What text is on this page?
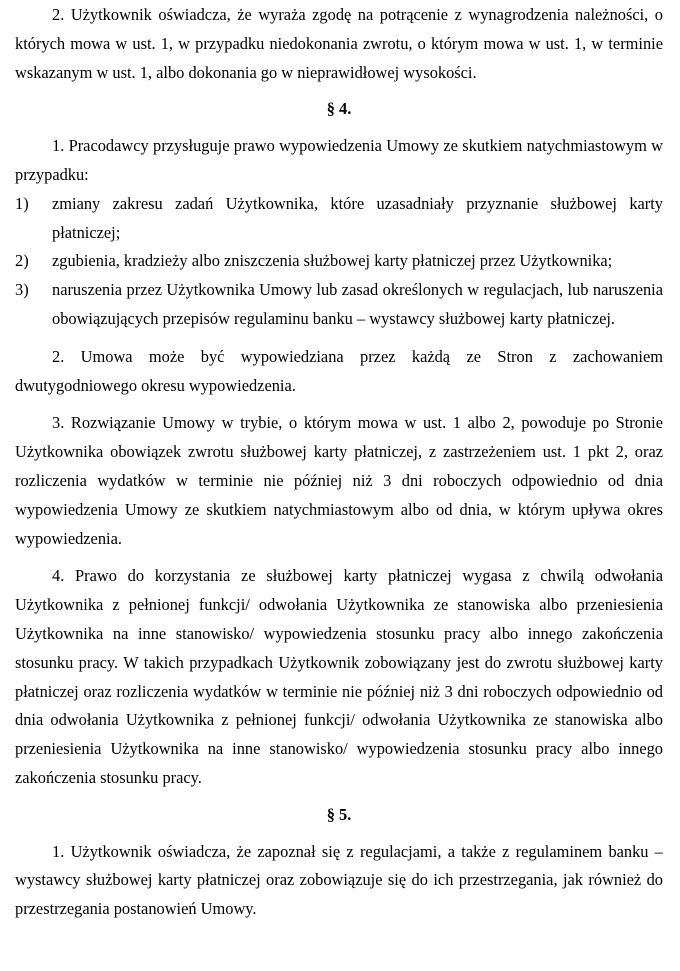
2. Użytkownik oświadcza, że wyraża zgodę na potrącenie z wynagrodzenia należności, o których mowa w ust. 1, w przypadku niedokonania zwrotu, o którym mowa w ust. 1, w terminie wskazanym w ust. 1, albo dokonania go w nieprawidłowej wysokości.

§ 4.

1. Pracodawcy przysługuje prawo wypowiedzenia Umowy ze skutkiem natychmiastowym w przypadku:

1)	zmiany zakresu zadań Użytkownika, które uzasadniały przyznanie służbowej karty płatniczej;
2)	zgubienia, kradzieży albo zniszczenia służbowej karty płatniczej przez Użytkownika;
3)	naruszenia przez Użytkownika Umowy lub zasad określonych w regulacjach, lub naruszenia obowiązujących przepisów regulaminu banku – wystawcy służbowej karty płatniczej.

2. Umowa może być wypowiedziana przez każdą ze Stron z zachowaniem dwutygodniowego okresu wypowiedzenia.

3. Rozwiązanie Umowy w trybie, o którym mowa w ust. 1 albo 2, powoduje po Stronie Użytkownika obowiązek zwrotu służbowej karty płatniczej, z zastrzeżeniem ust. 1 pkt 2, oraz rozliczenia wydatków w terminie nie później niż 3 dni roboczych odpowiednio od dnia wypowiedzenia Umowy ze skutkiem natychmiastowym albo od dnia, w którym upływa okres wypowiedzenia.

4. Prawo do korzystania ze służbowej karty płatniczej wygasa z chwilą odwołania Użytkownika z pełnionej funkcji/ odwołania Użytkownika ze stanowiska albo przeniesienia Użytkownika na inne stanowisko/ wypowiedzenia stosunku pracy albo innego zakończenia stosunku pracy. W takich przypadkach Użytkownik zobowiązany jest do zwrotu służbowej karty płatniczej oraz rozliczenia wydatków w terminie nie później niż 3 dni roboczych odpowiednio od dnia odwołania Użytkownika z pełnionej funkcji/ odwołania Użytkownika ze stanowiska albo przeniesienia Użytkownika na inne stanowisko/ wypowiedzenia stosunku pracy albo innego zakończenia stosunku pracy.

§ 5.

1. Użytkownik oświadcza, że zapoznał się z regulacjami, a także z regulaminem banku – wystawcy służbowej karty płatniczej oraz zobowiązuje się do ich przestrzegania, jak również do przestrzegania postanowień Umowy.
